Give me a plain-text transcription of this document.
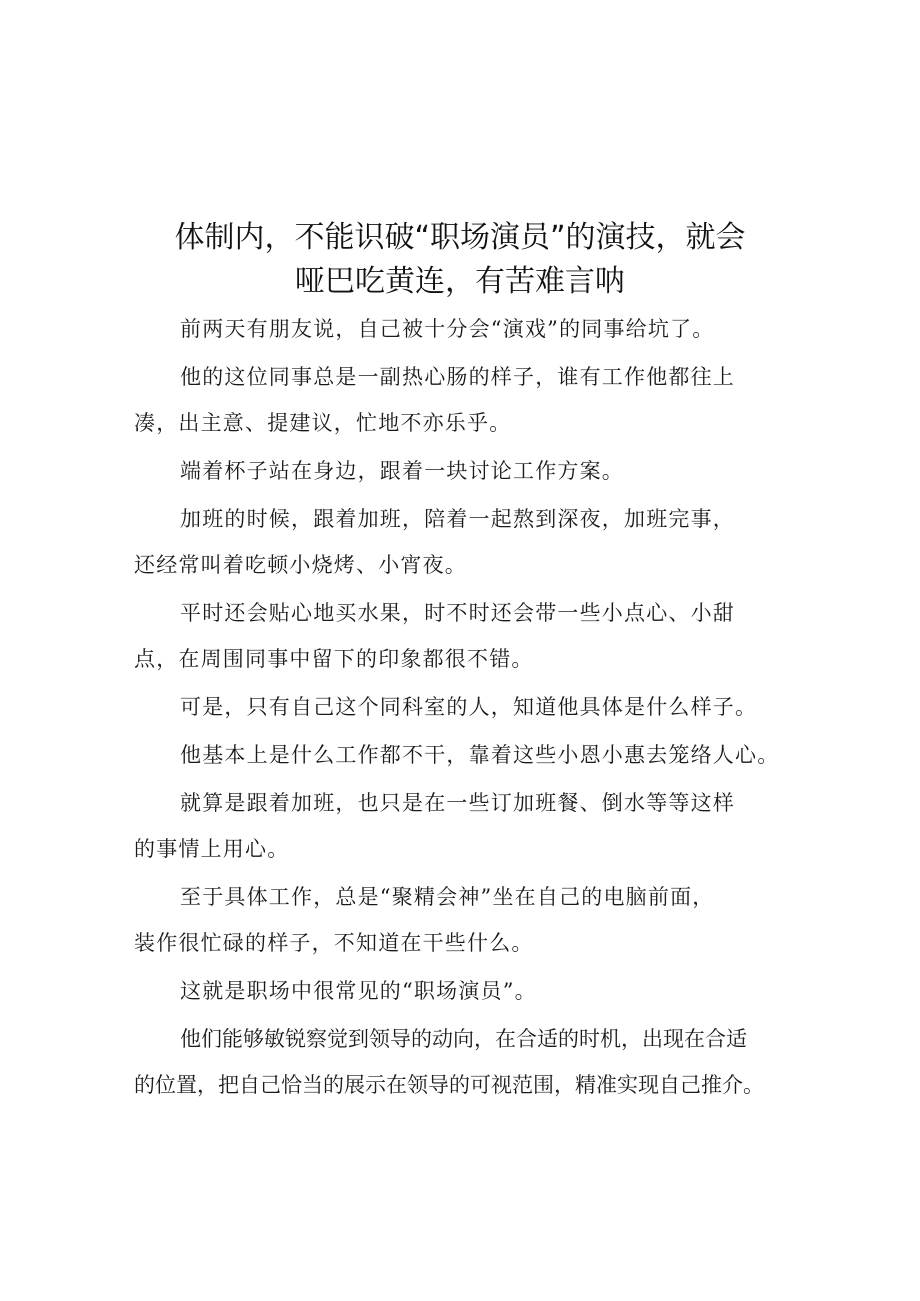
体制内，不能识破“职场演员”的演技，就会
哑巴吃黄连，有苦难言呐
前两天有朋友说，自己被十分会“演戏”的同事给坑了。
他的这位同事总是一副热心肠的样子，谁有工作他都往上
凑，出主意、提建议，忙地不亦乐乎。
端着杯子站在身边，跟着一块讨论工作方案。
加班的时候，跟着加班，陪着一起熬到深夜，加班完事，
还经常叫着吃顿小烧烤、小宵夜。
平时还会贴心地买水果，时不时还会带一些小点心、小甜
点，在周围同事中留下的印象都很不错。
可是，只有自己这个同科室的人，知道他具体是什么样子。
他基本上是什么工作都不干，靠着这些小恩小惠去笼络人心。
就算是跟着加班，也只是在一些订加班餐、倒水等等这样
的事情上用心。
至于具体工作，总是“聚精会神”坐在自己的电脑前面，
装作很忙碌的样子，不知道在干些什么。
这就是职场中很常见的“职场演员”。
他们能够敏锐察觉到领导的动向，在合适的时机，出现在合适
的位置，把自己恰当的展示在领导的可视范围，精准实现自己推介。
